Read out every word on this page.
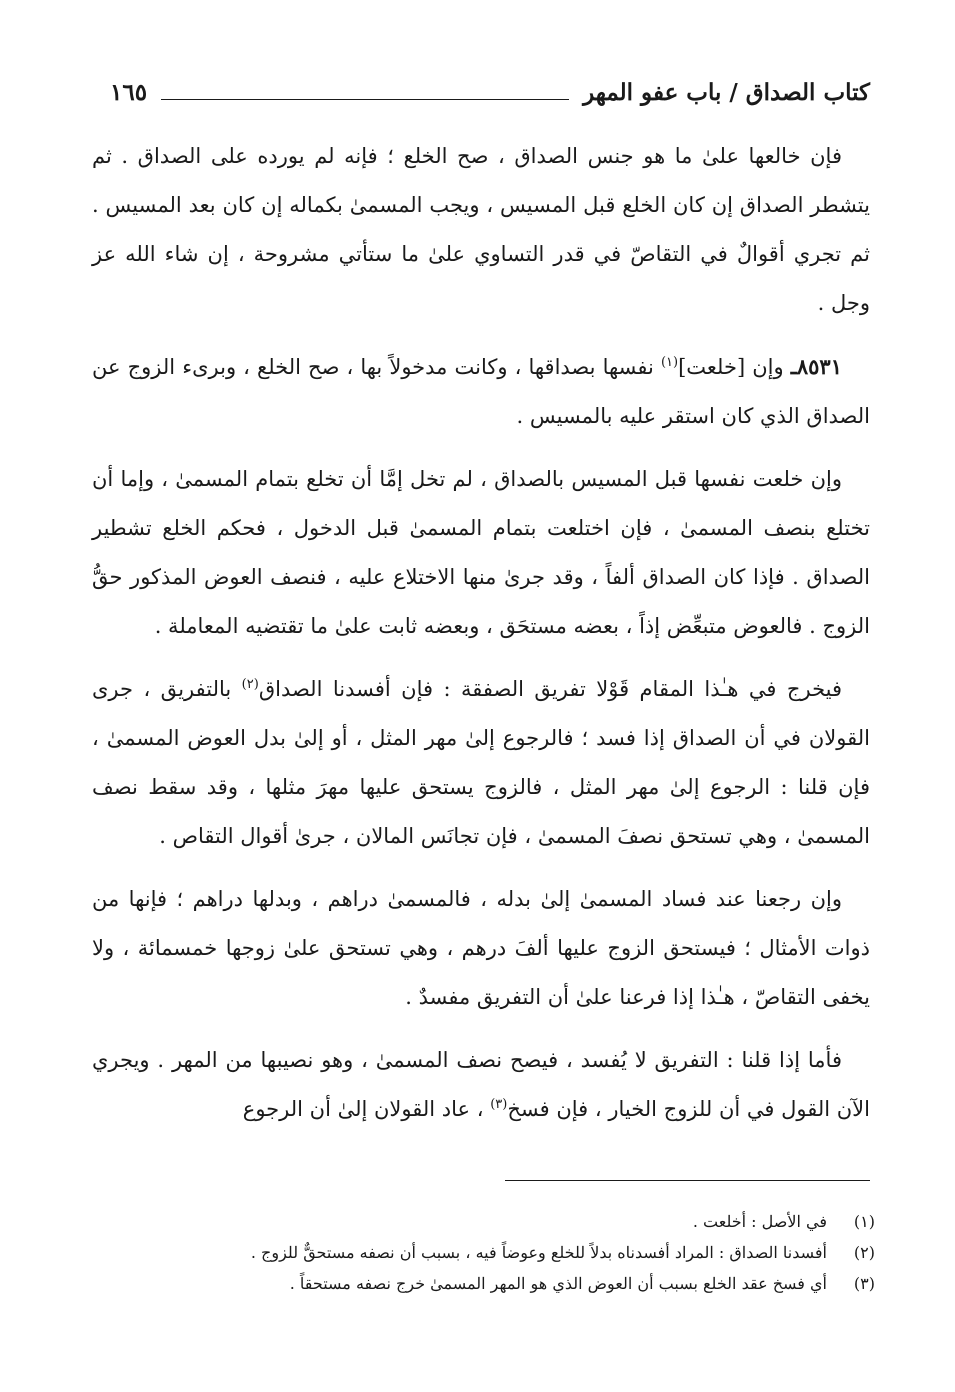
كتاب الصداق / باب عفو المهر
١٦٥

فإن خالعها علىٰ ما هو جنس الصداق ، صح الخلع ؛ فإنه لم يورده على الصداق . ثم يتشطر الصداق إن كان الخلع قبل المسيس ، ويجب المسمىٰ بكماله إن كان بعد المسيس . ثم تجري أقوالٌ في التقاصّ في قدر التساوي علىٰ ما ستأتي مشروحة ، إن شاء الله عز وجل .

٨٥٣١ـ وإن [خلعت]$^{(١)}$ نفسها بصداقها ، وكانت مدخولاً بها ، صح الخلع ، وبرىء الزوج عن الصداق الذي كان استقر عليه بالمسيس .

وإن خلعت نفسها قبل المسيس بالصداق ، لم تخل إمَّا أن تخلع بتمام المسمىٰ ، وإما أن تختلع بنصف المسمىٰ ، فإن اختلعت بتمام المسمىٰ قبل الدخول ، فحكم الخلع تشطير الصداق . فإذا كان الصداق ألفاً ، وقد جرىٰ منها الاختلاع عليه ، فنصف العوض المذكور حقُّ الزوج . فالعوض متبعِّض إذاً ، بعضه مستحَق ، وبعضه ثابت علىٰ ما تقتضيه المعاملة .

فيخرج في هـٰذا المقام قَوْلا تفريق الصفقة : فإن أفسدنا الصداق$^{(٢)}$ بالتفريق ، جرى القولان في أن الصداق إذا فسد ؛ فالرجوع إلىٰ مهر المثل ، أو إلىٰ بدل العوض المسمىٰ ، فإن قلنا : الرجوع إلىٰ مهر المثل ، فالزوج يستحق عليها مهرَ مثلها ، وقد سقط نصف المسمىٰ ، وهي تستحق نصفَ المسمىٰ ، فإن تجانَس المالان ، جرىٰ أقوال التقاص .

وإن رجعنا عند فساد المسمىٰ إلىٰ بدله ، فالمسمىٰ دراهم ، وبدلها دراهم ؛ فإنها من ذوات الأمثال ؛ فيستحق الزوج عليها ألفَ درهم ، وهي تستحق علىٰ زوجها خمسمائة ، ولا يخفى التقاصّ ، هـٰذا إذا فرعنا علىٰ أن التفريق مفسدٌ .

فأما إذا قلنا : التفريق لا يُفسد ، فيصح نصف المسمىٰ ، وهو نصيبها من المهر . ويجري الآن القول في أن للزوج الخيار ، فإن فسخ$^{(٣)}$ ، عاد القولان إلىٰ أن الرجوع

(١)
في الأصل : أخلعت .
(٢)
أفسدنا الصداق : المراد أفسدناه بدلاً للخلع وعوضاً فيه ، بسبب أن نصفه مستحقٌّ للزوج .
(٣)
أي فسخ عقد الخلع بسبب أن العوض الذي هو المهر المسمىٰ خرج نصفه مستحقاً .
